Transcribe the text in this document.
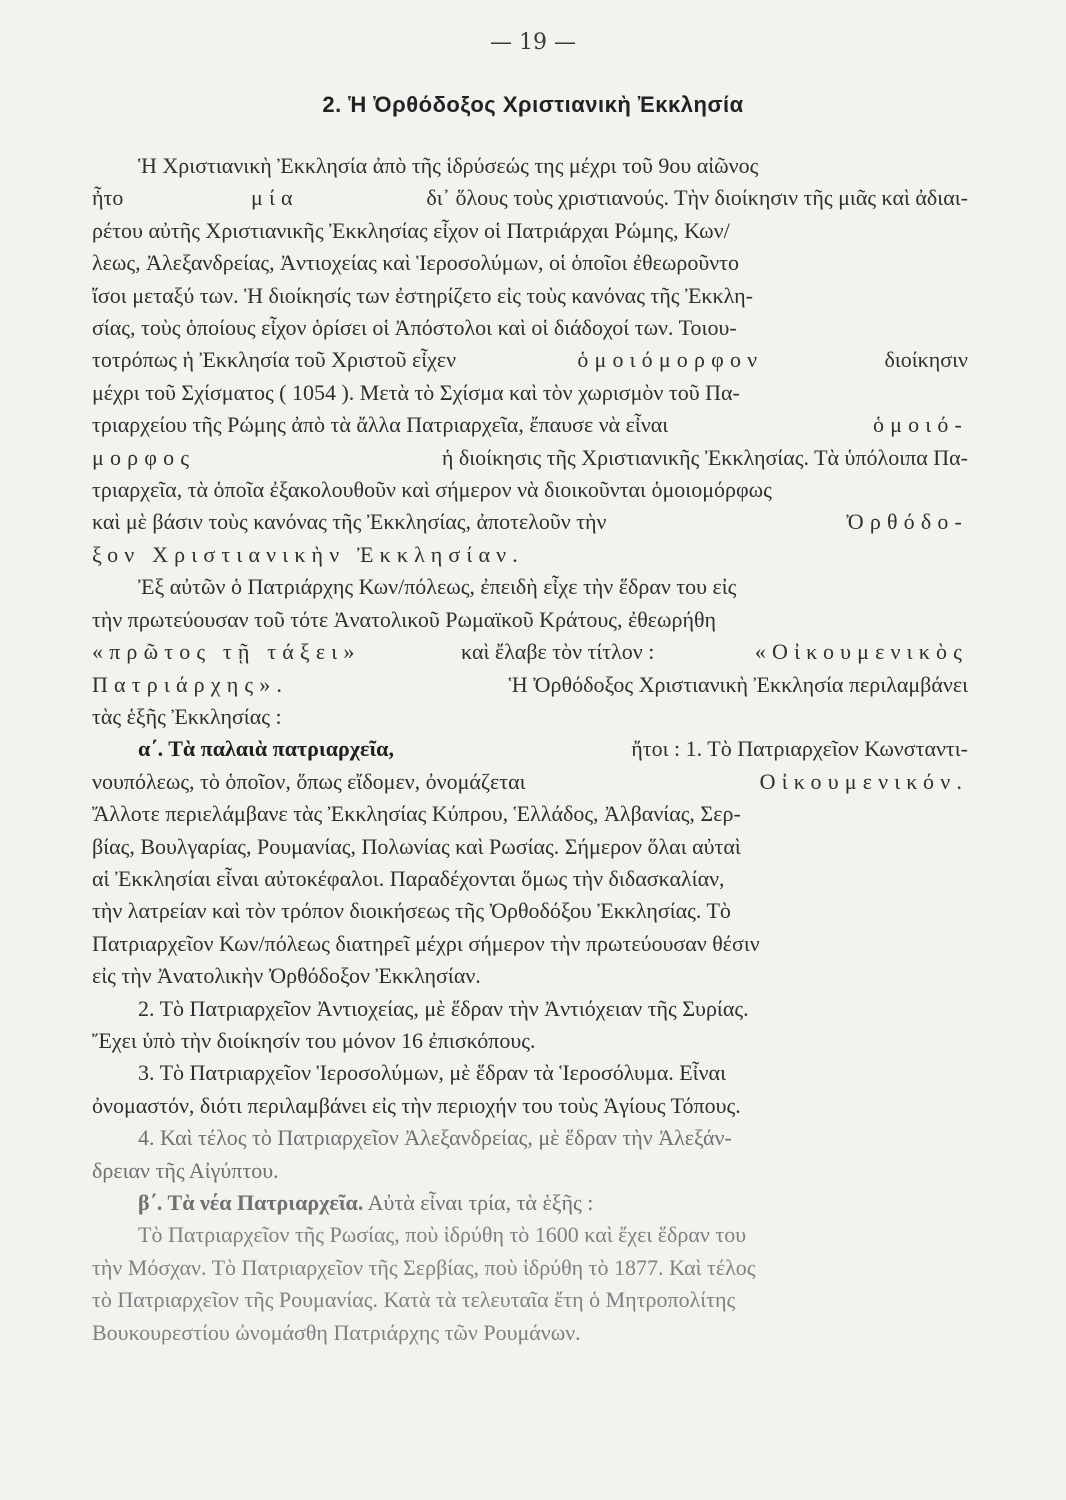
— 19 —
2. Ἡ Ὀρθόδοξος Χριστιανικὴ Ἐκκλησία
Ἡ Χριστιανικὴ Ἐκκλησία ἀπὸ τῆς ἱδρύσεώς της μέχρι τοῦ 9ου αἰῶνος
ἦτο	μία	δι᾽ ὅλους τοὺς χριστιανούς. Τὴν διοίκησιν τῆς μιᾶς καὶ ἀδιαι-
ρέτου αὐτῆς Χριστιανικῆς Ἐκκλησίας εἶχον οἱ Πατριάρχαι Ρώμης, Κων/
λεως, Ἀλεξανδρείας, Ἀντιοχείας καὶ Ἱεροσολύμων, οἱ ὁποῖοι ἐθεωροῦντο
ἴσοι μεταξύ των. Ἡ διοίκησίς των ἐστηρίζετο εἰς τοὺς κανόνας τῆς Ἐκκλη-
σίας, τοὺς ὁποίους εἶχον ὁρίσει οἱ Ἀπόστολοι καὶ οἱ διάδοχοί των. Τοιου-
τοτρόπως ἡ Ἐκκλησία τοῦ Χριστοῦ εἶχεν	ὁμοιόμορφον	διοίκησιν
μέχρι τοῦ Σχίσματος ( 1054 ). Μετὰ τὸ Σχίσμα καὶ τὸν χωρισμὸν τοῦ Πα-
τριαρχείου τῆς Ρώμης ἀπὸ τὰ ἄλλα Πατριαρχεῖα, ἔπαυσε νὰ εἶναι	ὁμοιό-
μορφος	ἡ διοίκησις τῆς Χριστιανικῆς Ἐκκλησίας. Τὰ ὑπόλοιπα Πα-
τριαρχεῖα, τὰ ὁποῖα ἐξακολουθοῦν καὶ σήμερον νὰ διοικοῦνται ὁμοιομόρφως
καὶ μὲ βάσιν τοὺς κανόνας τῆς Ἐκκλησίας, ἀποτελοῦν τὴν	Ὀρθόδο-
ξον Χριστιανικὴν Ἐκκλησίαν.
Ἐξ αὐτῶν ὁ Πατριάρχης Κων/πόλεως, ἐπειδὴ εἶχε τὴν ἕδραν του εἰς
τὴν πρωτεύουσαν τοῦ τότε Ἀνατολικοῦ Ρωμαϊκοῦ Κράτους, ἐθεωρήθη
«πρῶτος τῇ τάξει»	καὶ ἔλαβε τὸν τίτλον :	«Οἰκουμενικὸς
Πατριάρχης».	Ἡ Ὀρθόδοξος Χριστιανικὴ Ἐκκλησία περιλαμβάνει
τὰς ἑξῆς Ἐκκλησίας :
α΄. Τὰ παλαιὰ πατριαρχεῖα,	ἤτοι : 1. Τὸ Πατριαρχεῖον Κωνσταντι-
νουπόλεως, τὸ ὁποῖον, ὅπως εἴδομεν, ὀνομάζεται	Οἰκουμενικόν.
Ἄλλοτε περιελάμβανε τὰς Ἐκκλησίας Κύπρου, Ἑλλάδος, Ἀλβανίας, Σερ-
βίας, Βουλγαρίας, Ρουμανίας, Πολωνίας καὶ Ρωσίας. Σήμερον ὅλαι αὐταὶ
αἱ Ἐκκλησίαι εἶναι αὐτοκέφαλοι. Παραδέχονται ὅμως τὴν διδασκαλίαν,
τὴν λατρείαν καὶ τὸν τρόπον διοικήσεως τῆς Ὀρθοδόξου Ἐκκλησίας. Τὸ
Πατριαρχεῖον Κων/πόλεως διατηρεῖ μέχρι σήμερον τὴν πρωτεύουσαν θέσιν
εἰς τὴν Ἀνατολικὴν Ὀρθόδοξον Ἐκκλησίαν.
2. Τὸ Πατριαρχεῖον Ἀντιοχείας, μὲ ἕδραν τὴν Ἀντιόχειαν τῆς Συρίας.
Ἔχει ὑπὸ τὴν διοίκησίν του μόνον 16 ἐπισκόπους.
3. Τὸ Πατριαρχεῖον Ἱεροσολύμων, μὲ ἕδραν τὰ Ἱεροσόλυμα. Εἶναι
ὀνομαστόν, διότι περιλαμβάνει εἰς τὴν περιοχήν του τοὺς Ἁγίους Τόπους.
4. Καὶ τέλος τὸ Πατριαρχεῖον Ἀλεξανδρείας, μὲ ἕδραν τὴν Ἀλεξάν-
δρειαν τῆς Αἰγύπτου.
β΄. Τὰ νέα Πατριαρχεῖα. Αὐτὰ εἶναι τρία, τὰ ἑξῆς :
Τὸ Πατριαρχεῖον τῆς Ρωσίας, ποὺ ἱδρύθη τὸ 1600 καὶ ἔχει ἕδραν του
τὴν Μόσχαν. Τὸ Πατριαρχεῖον τῆς Σερβίας, ποὺ ἱδρύθη τὸ 1877. Καὶ τέλος
τὸ Πατριαρχεῖον τῆς Ρουμανίας. Κατὰ τὰ τελευταῖα ἔτη ὁ Μητροπολίτης
Βουκουρεστίου ὠνομάσθη Πατριάρχης τῶν Ρουμάνων.
